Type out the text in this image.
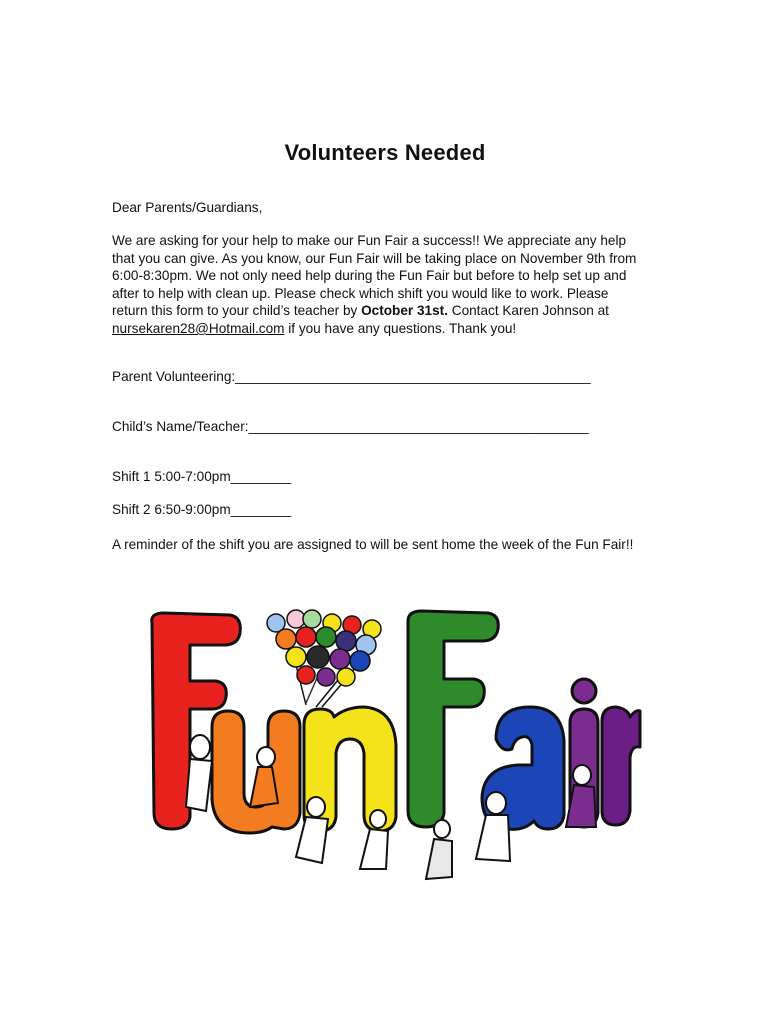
Volunteers Needed
Dear Parents/Guardians,
We are asking for your help to make our Fun Fair a success!! We appreciate any help
that you can give. As you know, our Fun Fair will be taking place on November 9th from
6:00-8:30pm. We not only need help during the Fun Fair but before to help set up and
after to help with clean up. Please check which shift you would like to work. Please
return this form to your child’s teacher by October 31st. Contact Karen Johnson at
nursekaren28@Hotmail.com if you have any questions. Thank you!
Parent Volunteering:_______________________________________________
Child’s Name/Teacher:_____________________________________________
Shift 1 5:00-7:00pm________
Shift 2 6:50-9:00pm________
A reminder of the shift you are assigned to will be sent home the week of the Fun Fair!!
